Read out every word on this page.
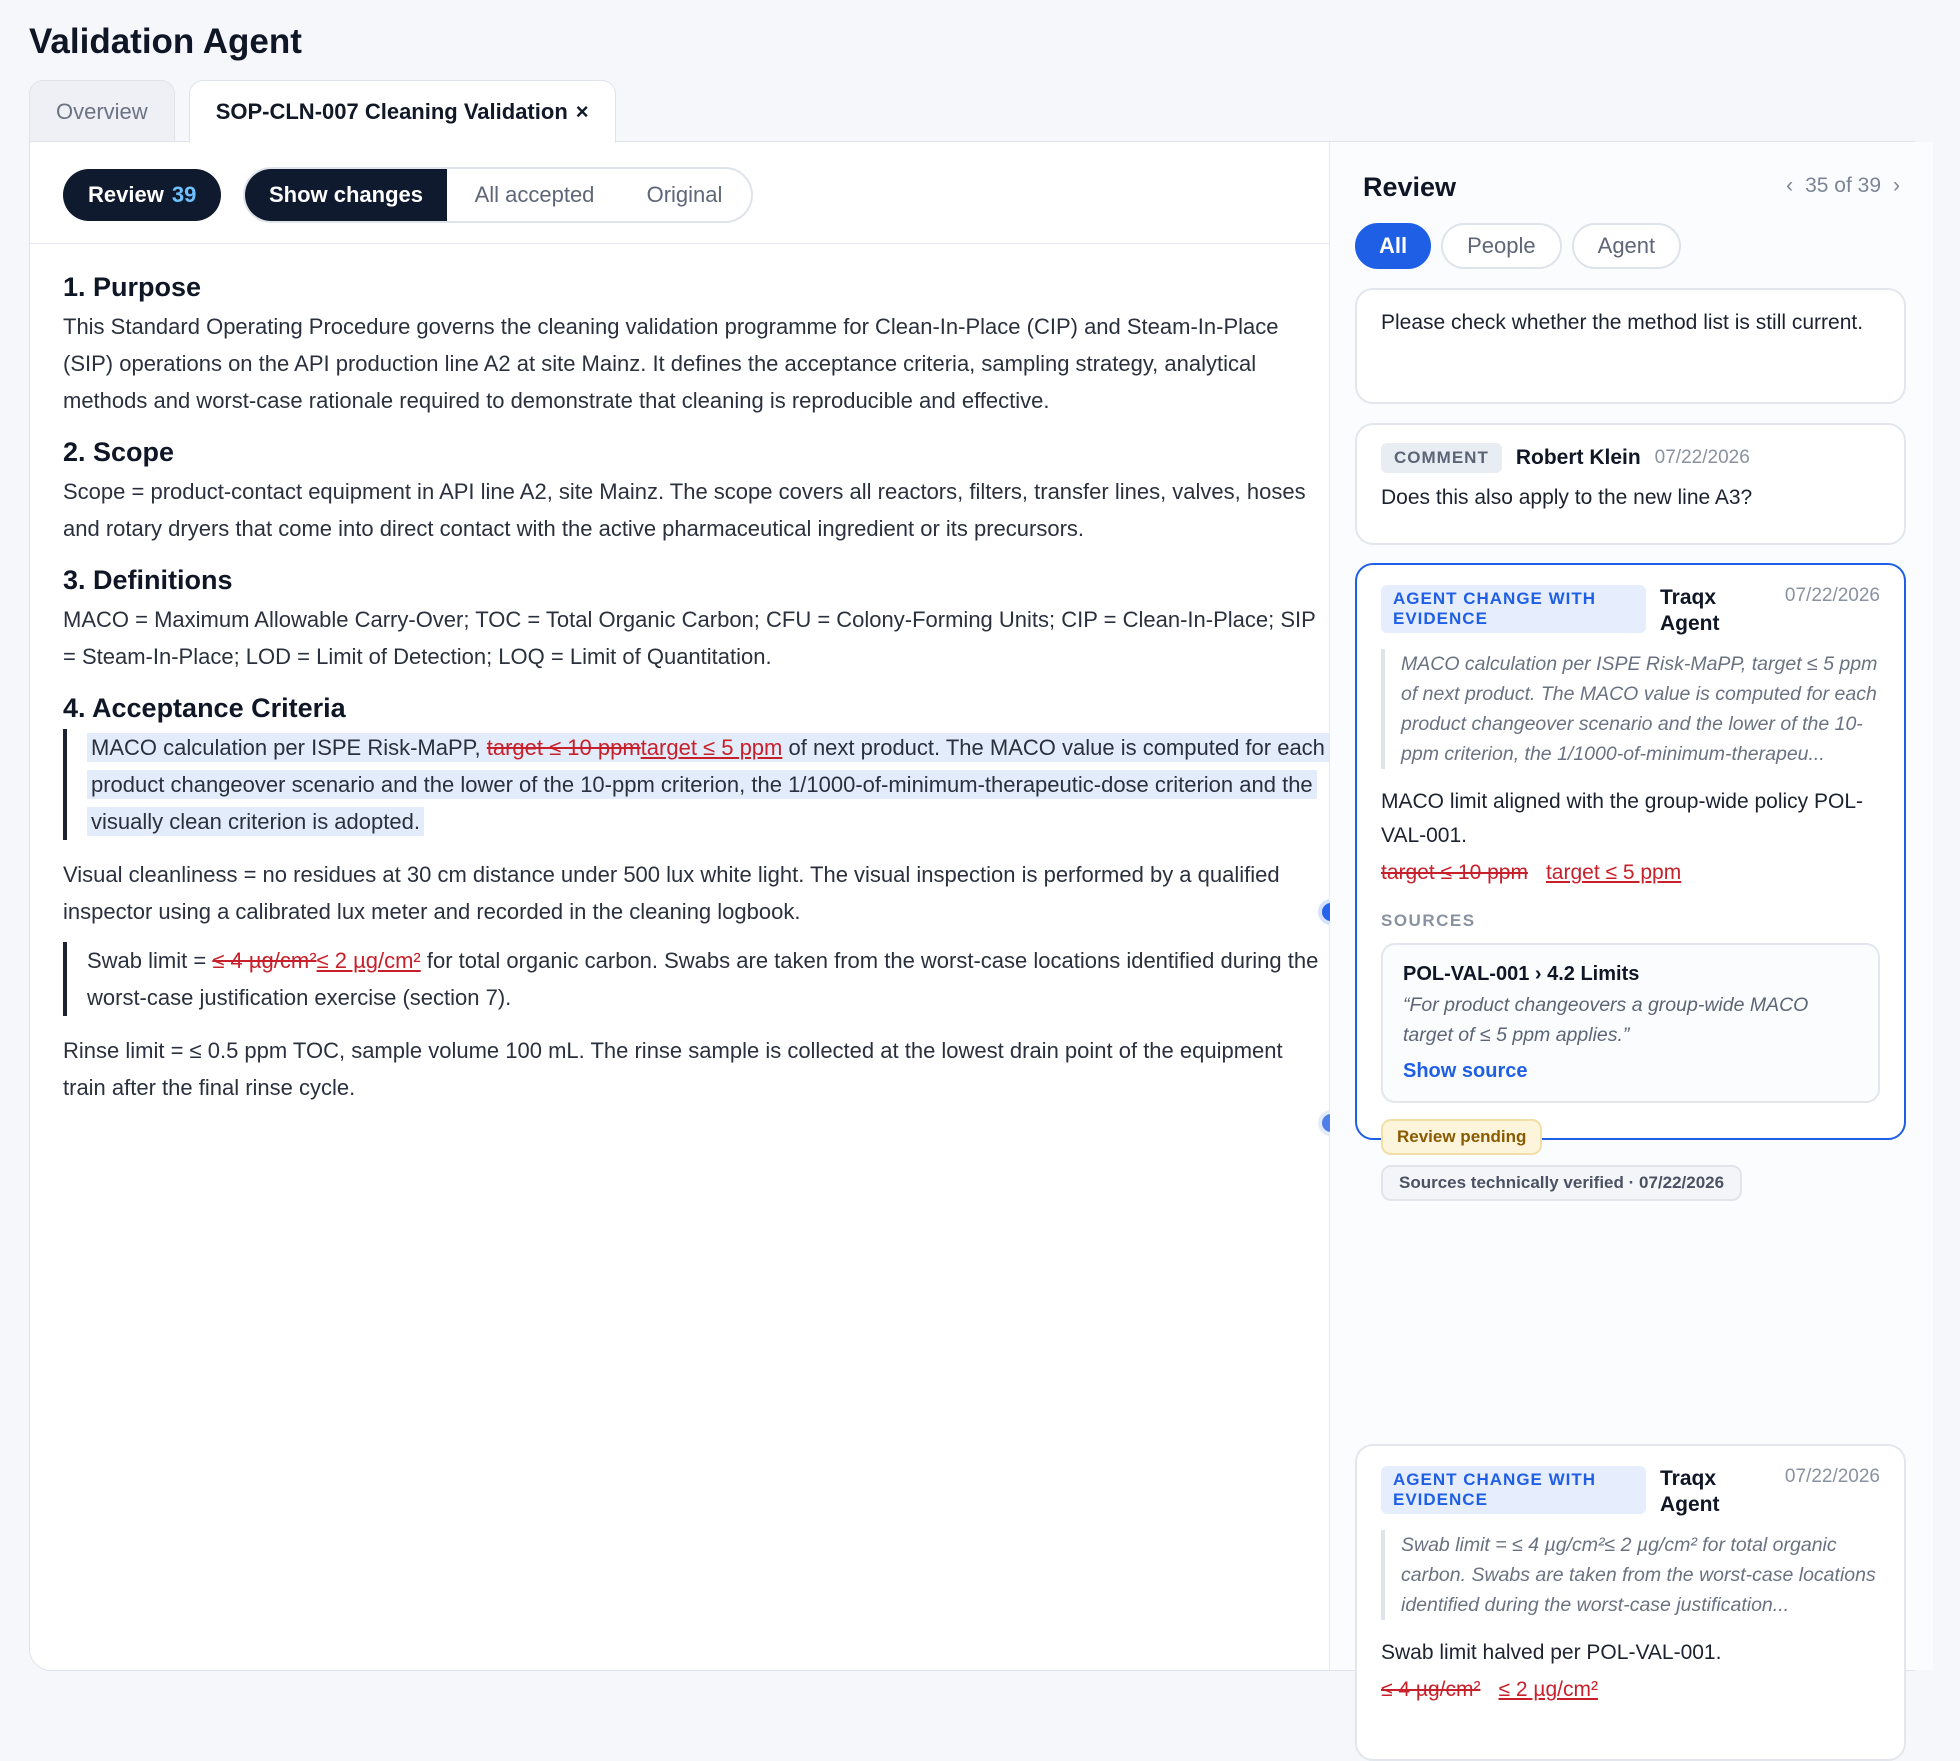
Validation Agent
Overview	SOP-CLN-007 Cleaning Validation ×
Review 39	Show changes	All accepted	Original
1. Purpose

This Standard Operating Procedure governs the cleaning validation programme for Clean-In-Place (CIP) and Steam-In-Place (SIP) operations on the API production line A2 at site Mainz. It defines the acceptance criteria, sampling strategy, analytical methods and worst-case rationale required to demonstrate that cleaning is reproducible and effective.

2. Scope

Scope = product-contact equipment in API line A2, site Mainz. The scope covers all reactors, filters, transfer lines, valves, hoses and rotary dryers that come into direct contact with the active pharmaceutical ingredient or its precursors.

3. Definitions

MACO = Maximum Allowable Carry-Over; TOC = Total Organic Carbon; CFU = Colony-Forming Units; CIP = Clean-In-Place; SIP = Steam-In-Place; LOD = Limit of Detection; LOQ = Limit of Quantitation.

4. Acceptance Criteria
MACO calculation per ISPE Risk-MaPP, target ≤ 10 ppmtarget ≤ 5 ppm of next product. The MACO value is computed for each product changeover scenario and the lower of the 10-ppm criterion, the 1/1000-of-minimum-therapeutic-dose criterion and the visually clean criterion is adopted.

Visual cleanliness = no residues at 30 cm distance under 500 lux white light. The visual inspection is performed by a qualified inspector using a calibrated lux meter and recorded in the cleaning logbook.

Swab limit = ≤ 4 µg/cm²≤ 2 µg/cm² for total organic carbon. Swabs are taken from the worst-case locations identified during the worst-case justification exercise (section 7).

Rinse limit = ≤ 0.5 ppm TOC, sample volume 100 mL. The rinse sample is collected at the lowest drain point of the equipment train after the final rinse cycle.

Review	‹ 35 of 39 ›
All	People	Agent
Please check whether the method list is still current.
COMMENT	Robert Klein 07/22/2026
Does this also apply to the new line A3?
AGENT CHANGE WITH EVIDENCE
Traqx Agent
07/22/2026
MACO calculation per ISPE Risk-MaPP, target ≤ 5 ppm of next product. The MACO value is computed for each product changeover scenario and the lower of the 10-ppm criterion, the 1/1000-of-minimum-therapeu...
MACO limit aligned with the group-wide policy POL-VAL-001.
target ≤ 10 ppm target ≤ 5 ppm
SOURCES
POL-VAL-001 › 4.2 Limits
“For product changeovers a group-wide MACO target of ≤ 5 ppm applies.”
Show source
Review pending
Sources technically verified · 07/22/2026
AGENT CHANGE WITH EVIDENCE
Traqx Agent
07/22/2026
Swab limit = ≤ 4 µg/cm²≤ 2 µg/cm² for total organic carbon. Swabs are taken from the worst-case locations identified during the worst-case justification...
Swab limit halved per POL-VAL-001.
≤ 4 µg/cm² ≤ 2 µg/cm²
